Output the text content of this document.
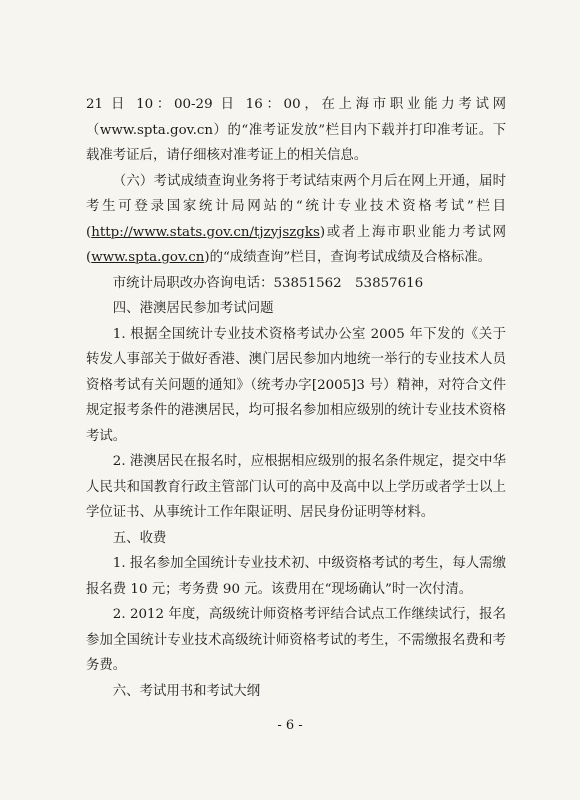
21 日 10：00-29 日 16：00，在上海市职业能力考试网（www.spta.gov.cn）的“准考证发放”栏目内下载并打印准考证。下载准考证后，请仔细核对准考证上的相关信息。

（六）考试成绩查询业务将于考试结束两个月后在网上开通，届时考生可登录国家统计局网站的“统计专业技术资格考试”栏目(http://www.stats.gov.cn/tjzyjszgks)或者上海市职业能力考试网(www.spta.gov.cn)的“成绩查询”栏目，查询考试成绩及合格标准。

市统计局职改办咨询电话：53851562　53857616

四、港澳居民参加考试问题

1. 根据全国统计专业技术资格考试办公室 2005 年下发的《关于转发人事部关于做好香港、澳门居民参加内地统一举行的专业技术人员资格考试有关问题的通知》（统考办字[2005]3 号）精神，对符合文件规定报考条件的港澳居民，均可报名参加相应级别的统计专业技术资格考试。

2. 港澳居民在报名时，应根据相应级别的报名条件规定，提交中华人民共和国教育行政主管部门认可的高中及高中以上学历或者学士以上学位证书、从事统计工作年限证明、居民身份证明等材料。

五、收费

1. 报名参加全国统计专业技术初、中级资格考试的考生，每人需缴报名费 10 元；考务费 90 元。该费用在“现场确认”时一次付清。

2. 2012 年度，高级统计师资格考评结合试点工作继续试行，报名参加全国统计专业技术高级统计师资格考试的考生，不需缴报名费和考务费。

六、考试用书和考试大纲

- 6 -
